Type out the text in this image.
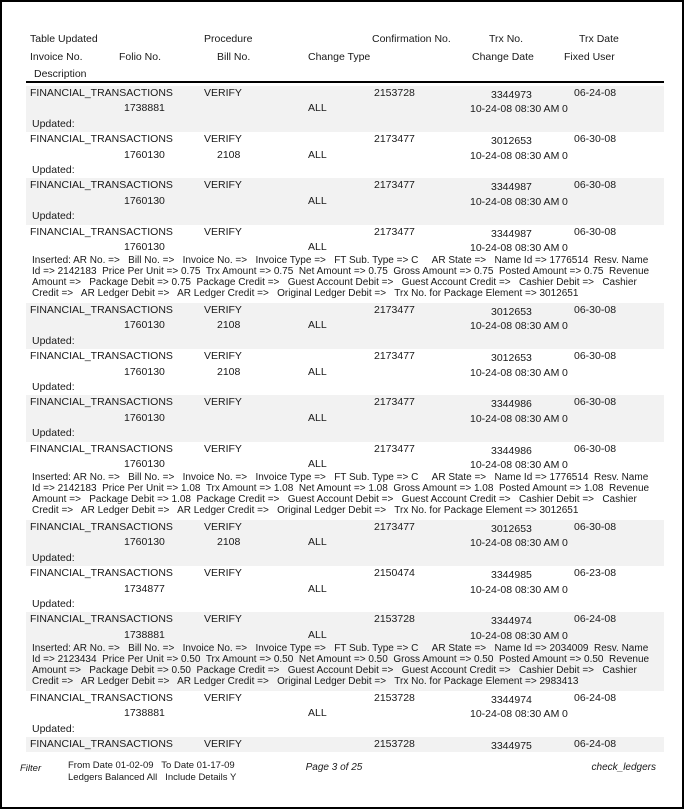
Table Updated	Procedure	Confirmation No.	Trx No.	Trx Date
Invoice No.	Folio No.	Bill No.	Change Type	Change Date	Fixed User
Description
FINANCIAL_TRANSACTIONS	VERIFY	2153728	3344973	06-24-08
1738881	ALL	10-24-08 08:30 AM 0
Updated:
FINANCIAL_TRANSACTIONS	VERIFY	2173477	3012653	06-30-08
1760130	2108	ALL	10-24-08 08:30 AM 0
Updated:
FINANCIAL_TRANSACTIONS	VERIFY	2173477	3344987	06-30-08
1760130	ALL	10-24-08 08:30 AM 0
Updated:
FINANCIAL_TRANSACTIONS	VERIFY	2173477	3344987	06-30-08
1760130	ALL	10-24-08 08:30 AM 0
Inserted: AR No. =>   Bill No. =>   Invoice No. =>   Invoice Type =>   FT Sub. Type => C     AR State =>   Name Id => 1776514  Resv. Name Id => 2142183  Price Per Unit => 0.75  Trx Amount => 0.75  Net Amount => 0.75  Gross Amount => 0.75  Posted Amount => 0.75  Revenue Amount =>   Package Debit => 0.75  Package Credit =>   Guest Account Debit =>   Guest Account Credit =>   Cashier Debit =>   Cashier Credit =>   AR Ledger Debit =>   AR Ledger Credit =>   Original Ledger Debit =>   Trx No. for Package Element => 3012651
FINANCIAL_TRANSACTIONS	VERIFY	2173477	3012653	06-30-08
1760130	2108	ALL	10-24-08 08:30 AM 0
Updated:
FINANCIAL_TRANSACTIONS	VERIFY	2173477	3012653	06-30-08
1760130	2108	ALL	10-24-08 08:30 AM 0
Updated:
FINANCIAL_TRANSACTIONS	VERIFY	2173477	3344986	06-30-08
1760130	ALL	10-24-08 08:30 AM 0
Updated:
FINANCIAL_TRANSACTIONS	VERIFY	2173477	3344986	06-30-08
1760130	ALL	10-24-08 08:30 AM 0
Inserted: AR No. =>   Bill No. =>   Invoice No. =>   Invoice Type =>   FT Sub. Type => C     AR State =>   Name Id => 1776514  Resv. Name Id => 2142183  Price Per Unit => 1.08  Trx Amount => 1.08  Net Amount => 1.08  Gross Amount => 1.08  Posted Amount => 1.08  Revenue Amount =>   Package Debit => 1.08  Package Credit =>   Guest Account Debit =>   Guest Account Credit =>   Cashier Debit =>   Cashier Credit =>   AR Ledger Debit =>   AR Ledger Credit =>   Original Ledger Debit =>   Trx No. for Package Element => 3012651
FINANCIAL_TRANSACTIONS	VERIFY	2173477	3012653	06-30-08
1760130	2108	ALL	10-24-08 08:30 AM 0
Updated:
FINANCIAL_TRANSACTIONS	VERIFY	2150474	3344985	06-23-08
1734877	ALL	10-24-08 08:30 AM 0
Updated:
FINANCIAL_TRANSACTIONS	VERIFY	2153728	3344974	06-24-08
1738881	ALL	10-24-08 08:30 AM 0
Inserted: AR No. =>   Bill No. =>   Invoice No. =>   Invoice Type =>   FT Sub. Type => C     AR State =>   Name Id => 2034009  Resv. Name Id => 2123434  Price Per Unit => 0.50  Trx Amount => 0.50  Net Amount => 0.50  Gross Amount => 0.50  Posted Amount => 0.50  Revenue Amount =>   Package Debit => 0.50  Package Credit =>   Guest Account Debit =>   Guest Account Credit =>   Cashier Debit =>   Cashier Credit =>   AR Ledger Debit =>   AR Ledger Credit =>   Original Ledger Debit =>   Trx No. for Package Element => 2983413
FINANCIAL_TRANSACTIONS	VERIFY	2153728	3344974	06-24-08
1738881	ALL	10-24-08 08:30 AM 0
Updated:
FINANCIAL_TRANSACTIONS	VERIFY	2153728	3344975	06-24-08
Filter	From Date 01-02-09   To Date 01-17-09
Ledgers Balanced All   Include Details Y
Page 3 of 25	check_ledgers
